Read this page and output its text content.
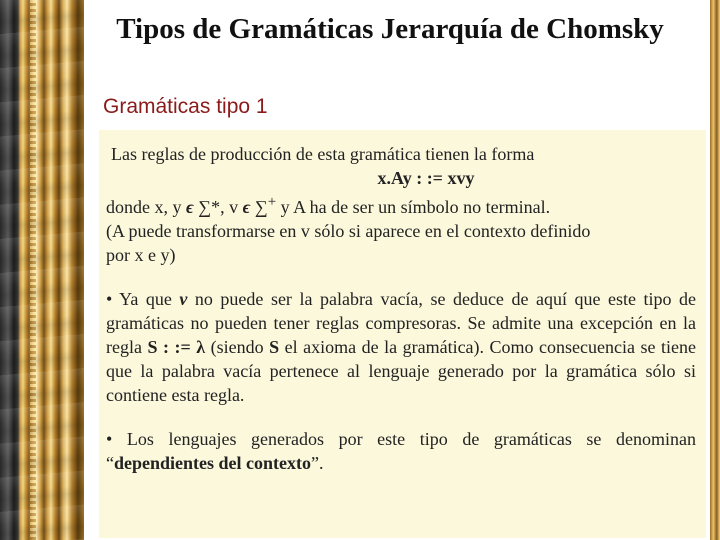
Tipos de Gramáticas Jerarquía de Chomsky
Gramáticas tipo 1
Las reglas de producción de esta gramática tienen la forma
x.Ay : := xvy
donde x, y ϵ ∑*, v ϵ ∑+ y A ha de ser un símbolo no terminal.
(A puede transformarse en v sólo si aparece en el contexto definido
por x e y)
• Ya que v no puede ser la palabra vacía, se deduce de aquí que este tipo de gramáticas no pueden tener reglas compresoras. Se admite una excepción en la regla S : := λ (siendo S el axioma de la gramática). Como consecuencia se tiene que la palabra vacía pertenece al lenguaje generado por la gramática sólo si contiene esta regla.
• Los lenguajes generados por este tipo de gramáticas se denominan “dependientes del contexto”.
